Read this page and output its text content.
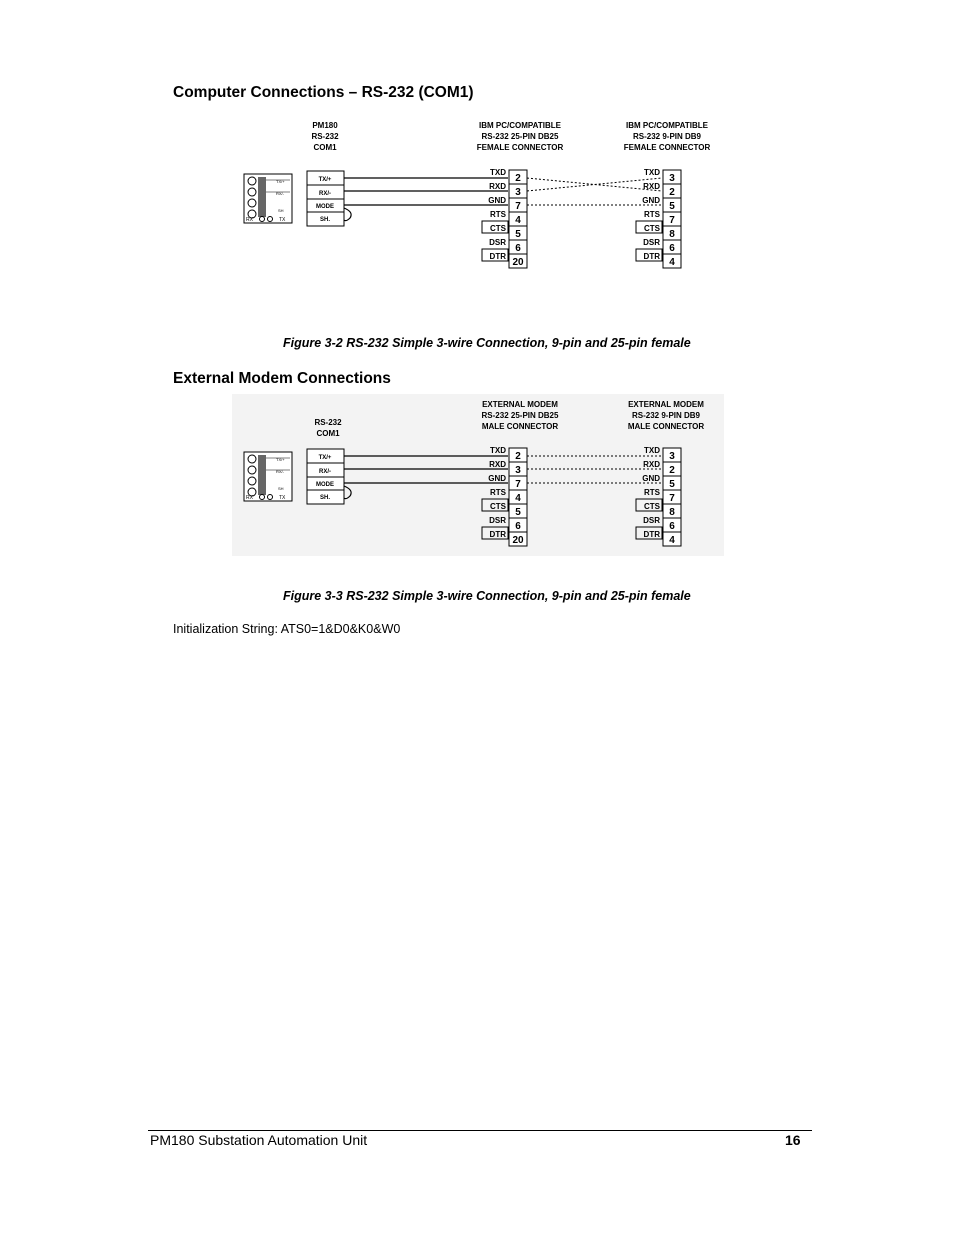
Computer Connections – RS-232 (COM1)
PM180
RS-232
COM1
IBM PC/COMPATIBLE
RS-232 25-PIN DB25
FEMALE CONNECTOR
IBM PC/COMPATIBLE
RS-232 9-PIN DB9
FEMALE CONNECTOR
TX/+
RX/-
SH
RX	TX
TX/+
RX/-
MODE
SH.
TXD
RXD
GND
RTS
CTS
DSR
DTR
2
3
7
4
5
6
20
TXD
RXD
GND
RTS
CTS
DSR
DTR
3
2
5
7
8
6
4
Figure 3-2 RS-232 Simple 3-wire Connection, 9-pin and 25-pin female
External Modem Connections
RS-232
COM1
EXTERNAL MODEM
RS-232 25-PIN DB25
MALE CONNECTOR
EXTERNAL MODEM
RS-232 9-PIN DB9
MALE CONNECTOR
TX/+
RX/-
SH
RX	TX
TX/+
RX/-
MODE
SH.
TXD
RXD
GND
RTS
CTS
DSR
DTR
2
3
7
4
5
6
20
TXD
RXD
GND
RTS
CTS
DSR
DTR
3
2
5
7
8
6
4
Figure 3-3 RS-232 Simple 3-wire Connection, 9-pin and 25-pin female
Initialization String: ATS0=1&D0&K0&W0
PM180 Substation Automation Unit	16
